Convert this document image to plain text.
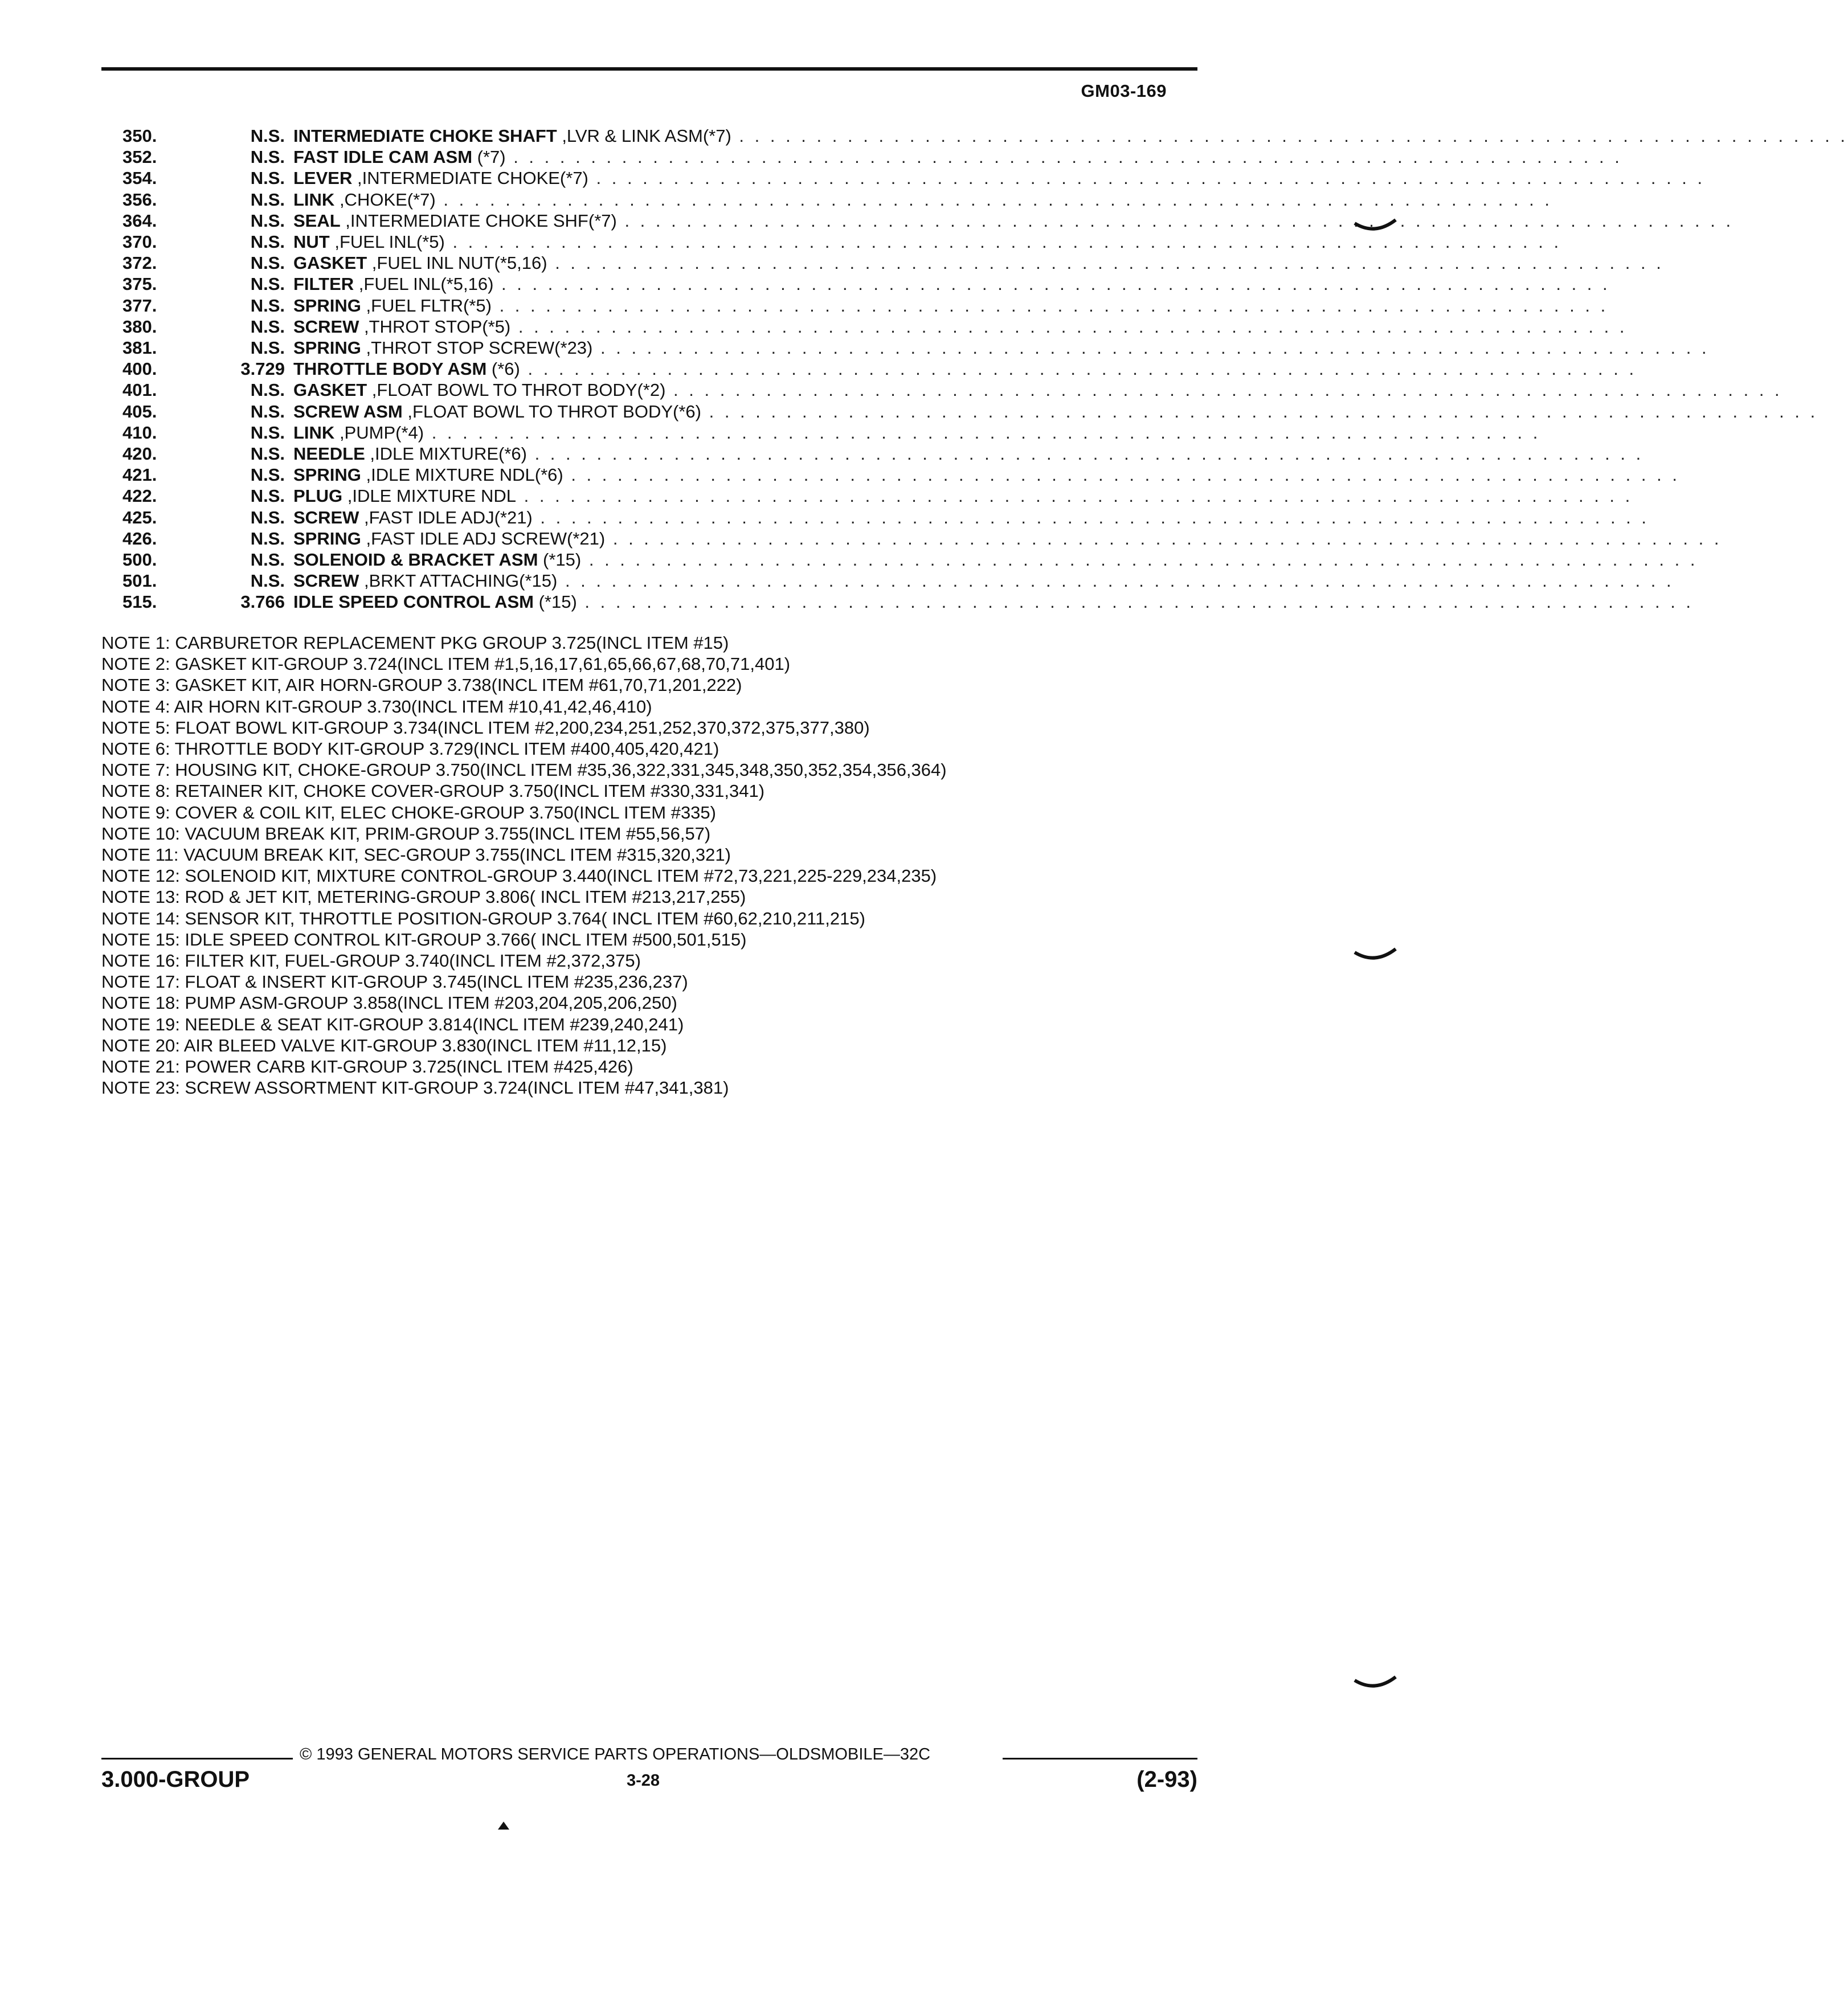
GM03-169
350.	N.S. INTERMEDIATE CHOKE SHAFT ,LVR & LINK ASM(*7) . . . . . . . . . . . . . . . . . . . . . . . . . . . . . . . . . . . . . . . . . . . . . . . . . . . . . . . . . . . . . . . . . . . . . . . .
352.	N.S. FAST IDLE CAM ASM (*7) . . . . . . . . . . . . . . . . . . . . . . . . . . . . . . . . . . . . . . . . . . . . . . . . . . . . . . . . . . . . . . . . . . . . . . . .
354.	N.S. LEVER ,INTERMEDIATE CHOKE(*7) . . . . . . . . . . . . . . . . . . . . . . . . . . . . . . . . . . . . . . . . . . . . . . . . . . . . . . . . . . . . . . . . . . . . . . . .
356.	N.S. LINK ,CHOKE(*7) . . . . . . . . . . . . . . . . . . . . . . . . . . . . . . . . . . . . . . . . . . . . . . . . . . . . . . . . . . . . . . . . . . . . . . . .
364.	N.S. SEAL ,INTERMEDIATE CHOKE SHF(*7) . . . . . . . . . . . . . . . . . . . . . . . . . . . . . . . . . . . . . . . . . . . . . . . . . . . . . . . . . . . . . . . . . . . . . . . .
370.	N.S. NUT ,FUEL INL(*5) . . . . . . . . . . . . . . . . . . . . . . . . . . . . . . . . . . . . . . . . . . . . . . . . . . . . . . . . . . . . . . . . . . . . . . . .
372.	N.S. GASKET ,FUEL INL NUT(*5,16) . . . . . . . . . . . . . . . . . . . . . . . . . . . . . . . . . . . . . . . . . . . . . . . . . . . . . . . . . . . . . . . . . . . . . . . .
375.	N.S. FILTER ,FUEL INL(*5,16) . . . . . . . . . . . . . . . . . . . . . . . . . . . . . . . . . . . . . . . . . . . . . . . . . . . . . . . . . . . . . . . . . . . . . . . .
377.	N.S. SPRING ,FUEL FLTR(*5) . . . . . . . . . . . . . . . . . . . . . . . . . . . . . . . . . . . . . . . . . . . . . . . . . . . . . . . . . . . . . . . . . . . . . . . .
380.	N.S. SCREW ,THROT STOP(*5) . . . . . . . . . . . . . . . . . . . . . . . . . . . . . . . . . . . . . . . . . . . . . . . . . . . . . . . . . . . . . . . . . . . . . . . .
381.	N.S. SPRING ,THROT STOP SCREW(*23) . . . . . . . . . . . . . . . . . . . . . . . . . . . . . . . . . . . . . . . . . . . . . . . . . . . . . . . . . . . . . . . . . . . . . . . .
400.	3.729 THROTTLE BODY ASM (*6) . . . . . . . . . . . . . . . . . . . . . . . . . . . . . . . . . . . . . . . . . . . . . . . . . . . . . . . . . . . . . . . . . . . . . . . .
401.	N.S. GASKET ,FLOAT BOWL TO THROT BODY(*2) . . . . . . . . . . . . . . . . . . . . . . . . . . . . . . . . . . . . . . . . . . . . . . . . . . . . . . . . . . . . . . . . . . . . . . . .
405.	N.S. SCREW ASM ,FLOAT BOWL TO THROT BODY(*6) . . . . . . . . . . . . . . . . . . . . . . . . . . . . . . . . . . . . . . . . . . . . . . . . . . . . . . . . . . . . . . . . . . . . . . . .
410.	N.S. LINK ,PUMP(*4) . . . . . . . . . . . . . . . . . . . . . . . . . . . . . . . . . . . . . . . . . . . . . . . . . . . . . . . . . . . . . . . . . . . . . . . .
420.	N.S. NEEDLE ,IDLE MIXTURE(*6) . . . . . . . . . . . . . . . . . . . . . . . . . . . . . . . . . . . . . . . . . . . . . . . . . . . . . . . . . . . . . . . . . . . . . . . .
421.	N.S. SPRING ,IDLE MIXTURE NDL(*6) . . . . . . . . . . . . . . . . . . . . . . . . . . . . . . . . . . . . . . . . . . . . . . . . . . . . . . . . . . . . . . . . . . . . . . . .
422.	N.S. PLUG ,IDLE MIXTURE NDL . . . . . . . . . . . . . . . . . . . . . . . . . . . . . . . . . . . . . . . . . . . . . . . . . . . . . . . . . . . . . . . . . . . . . . . .
425.	N.S. SCREW ,FAST IDLE ADJ(*21) . . . . . . . . . . . . . . . . . . . . . . . . . . . . . . . . . . . . . . . . . . . . . . . . . . . . . . . . . . . . . . . . . . . . . . . .
426.	N.S. SPRING ,FAST IDLE ADJ SCREW(*21) . . . . . . . . . . . . . . . . . . . . . . . . . . . . . . . . . . . . . . . . . . . . . . . . . . . . . . . . . . . . . . . . . . . . . . . .
500.	N.S. SOLENOID & BRACKET ASM (*15) . . . . . . . . . . . . . . . . . . . . . . . . . . . . . . . . . . . . . . . . . . . . . . . . . . . . . . . . . . . . . . . . . . . . . . . .
501.	N.S. SCREW ,BRKT ATTACHING(*15) . . . . . . . . . . . . . . . . . . . . . . . . . . . . . . . . . . . . . . . . . . . . . . . . . . . . . . . . . . . . . . . . . . . . . . . .
515.	3.766 IDLE SPEED CONTROL ASM (*15) . . . . . . . . . . . . . . . . . . . . . . . . . . . . . . . . . . . . . . . . . . . . . . . . . . . . . . . . . . . . . . . . . . . . . . . .
NOTE 1: CARBURETOR REPLACEMENT PKG GROUP 3.725(INCL ITEM #15)
NOTE 2: GASKET KIT-GROUP 3.724(INCL ITEM #1,5,16,17,61,65,66,67,68,70,71,401)
NOTE 3: GASKET KIT, AIR HORN-GROUP 3.738(INCL ITEM #61,70,71,201,222)
NOTE 4: AIR HORN KIT-GROUP 3.730(INCL ITEM #10,41,42,46,410)
NOTE 5: FLOAT BOWL KIT-GROUP 3.734(INCL ITEM #2,200,234,251,252,370,372,375,377,380)
NOTE 6: THROTTLE BODY KIT-GROUP 3.729(INCL ITEM #400,405,420,421)
NOTE 7: HOUSING KIT, CHOKE-GROUP 3.750(INCL ITEM #35,36,322,331,345,348,350,352,354,356,364)
NOTE 8: RETAINER KIT, CHOKE COVER-GROUP 3.750(INCL ITEM #330,331,341)
NOTE 9: COVER & COIL KIT, ELEC CHOKE-GROUP 3.750(INCL ITEM #335)
NOTE 10: VACUUM BREAK KIT, PRIM-GROUP 3.755(INCL ITEM #55,56,57)
NOTE 11: VACUUM BREAK KIT, SEC-GROUP 3.755(INCL ITEM #315,320,321)
NOTE 12: SOLENOID KIT, MIXTURE CONTROL-GROUP 3.440(INCL ITEM #72,73,221,225-229,234,235)
NOTE 13: ROD & JET KIT, METERING-GROUP 3.806( INCL ITEM #213,217,255)
NOTE 14: SENSOR KIT, THROTTLE POSITION-GROUP 3.764( INCL ITEM #60,62,210,211,215)
NOTE 15: IDLE SPEED CONTROL KIT-GROUP 3.766( INCL ITEM #500,501,515)
NOTE 16: FILTER KIT, FUEL-GROUP 3.740(INCL ITEM #2,372,375)
NOTE 17: FLOAT & INSERT KIT-GROUP 3.745(INCL ITEM #235,236,237)
NOTE 18: PUMP ASM-GROUP 3.858(INCL ITEM #203,204,205,206,250)
NOTE 19: NEEDLE & SEAT KIT-GROUP 3.814(INCL ITEM #239,240,241)
NOTE 20: AIR BLEED VALVE KIT-GROUP 3.830(INCL ITEM #11,12,15)
NOTE 21: POWER CARB KIT-GROUP 3.725(INCL ITEM #425,426)
NOTE 23: SCREW ASSORTMENT KIT-GROUP 3.724(INCL ITEM #47,341,381)
© 1993 GENERAL MOTORS SERVICE PARTS OPERATIONS—OLDSMOBILE—32C
3.000-GROUP	3-28	(2-93)
